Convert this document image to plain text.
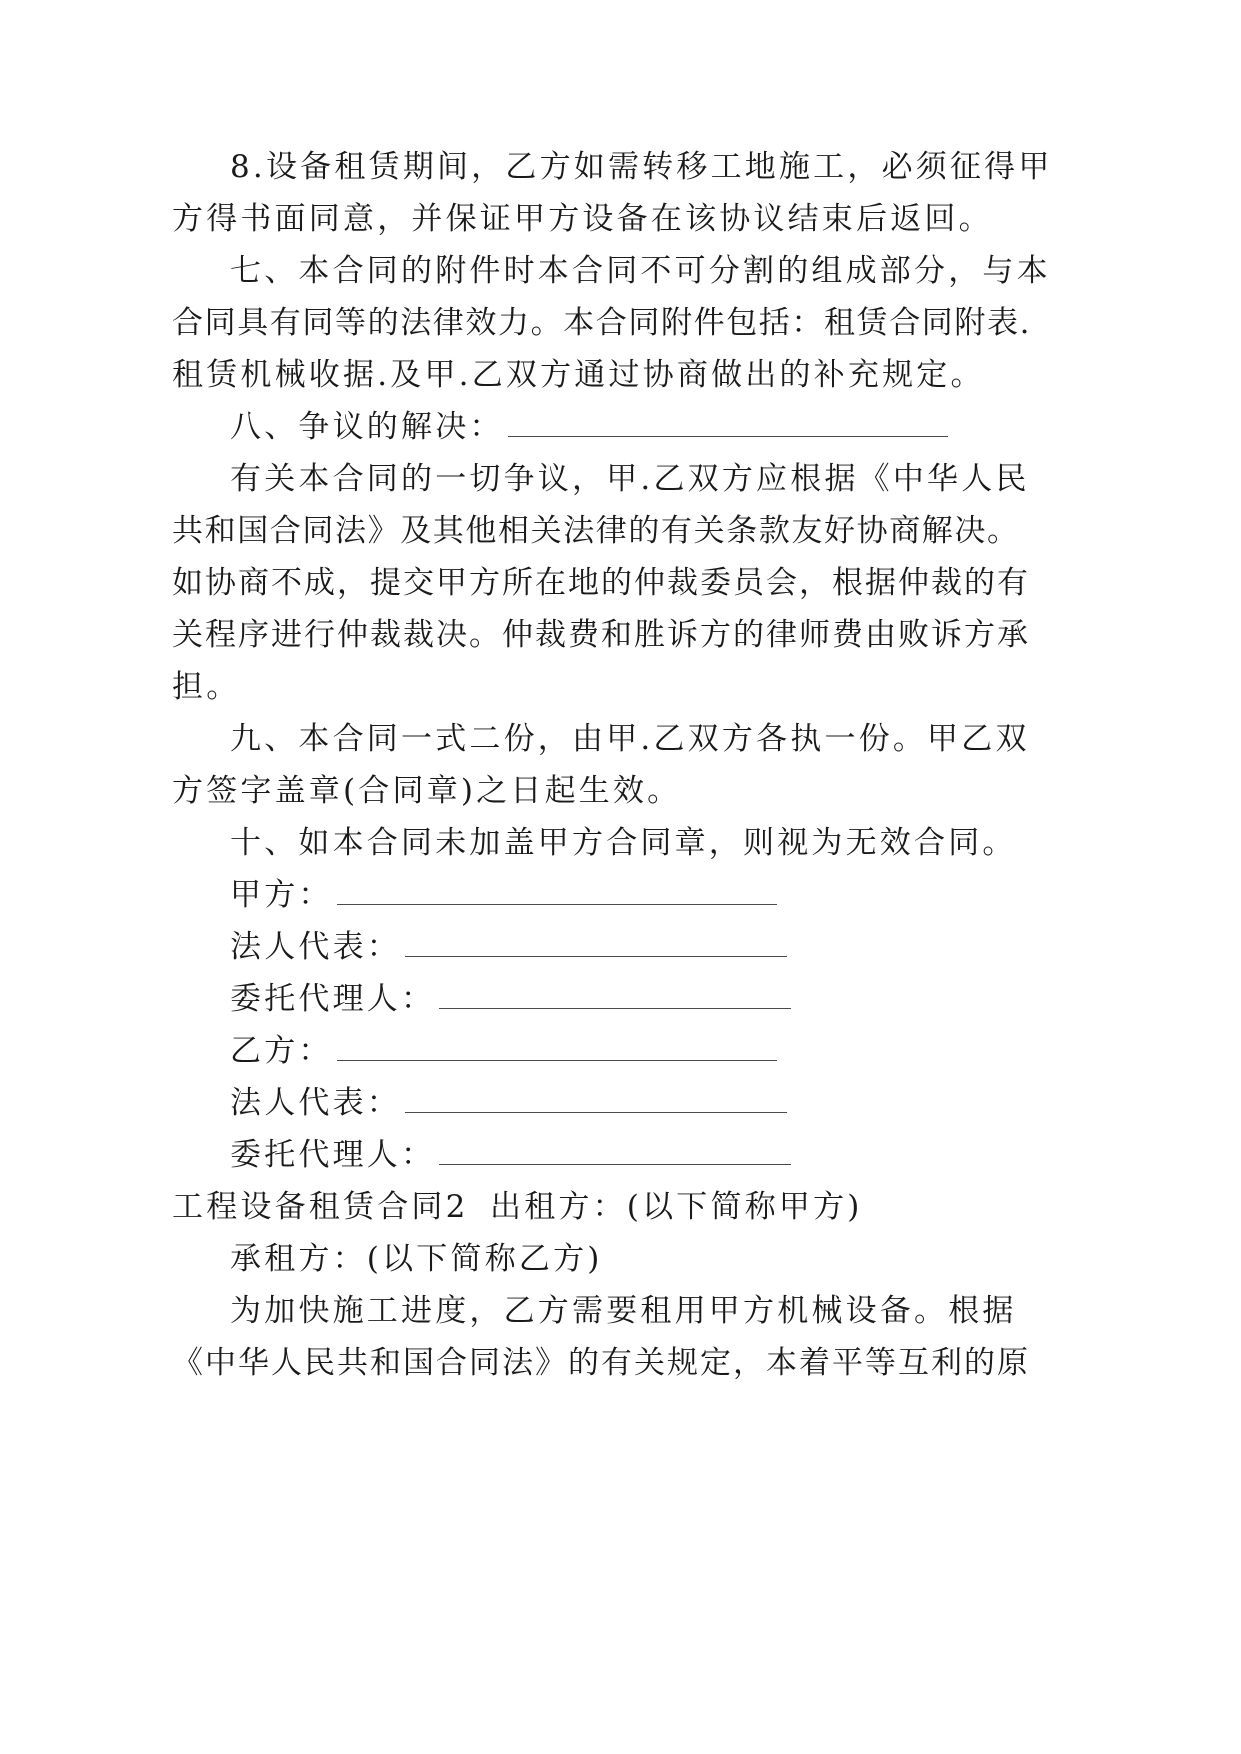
8.设备租赁期间，乙方如需转移工地施工，必须征得甲
方得书面同意，并保证甲方设备在该协议结束后返回。
七、本合同的附件时本合同不可分割的组成部分，与本
合同具有同等的法律效力。本合同附件包括：租赁合同附表.
租赁机械收据.及甲.乙双方通过协商做出的补充规定。
八、争议的解决：
有关本合同的一切争议，甲.乙双方应根据《中华人民
共和国合同法》及其他相关法律的有关条款友好协商解决。
如协商不成，提交甲方所在地的仲裁委员会，根据仲裁的有
关程序进行仲裁裁决。仲裁费和胜诉方的律师费由败诉方承
担。
九、本合同一式二份，由甲.乙双方各执一份。甲乙双
方签字盖章(合同章)之日起生效。
十、如本合同未加盖甲方合同章，则视为无效合同。
甲方：
法人代表：
委托代理人：
乙方：
法人代表：
委托代理人：
工程设备租赁合同2 出租方：(以下简称甲方)
承租方：(以下简称乙方)
为加快施工进度，乙方需要租用甲方机械设备。根据
《中华人民共和国合同法》的有关规定，本着平等互利的原
